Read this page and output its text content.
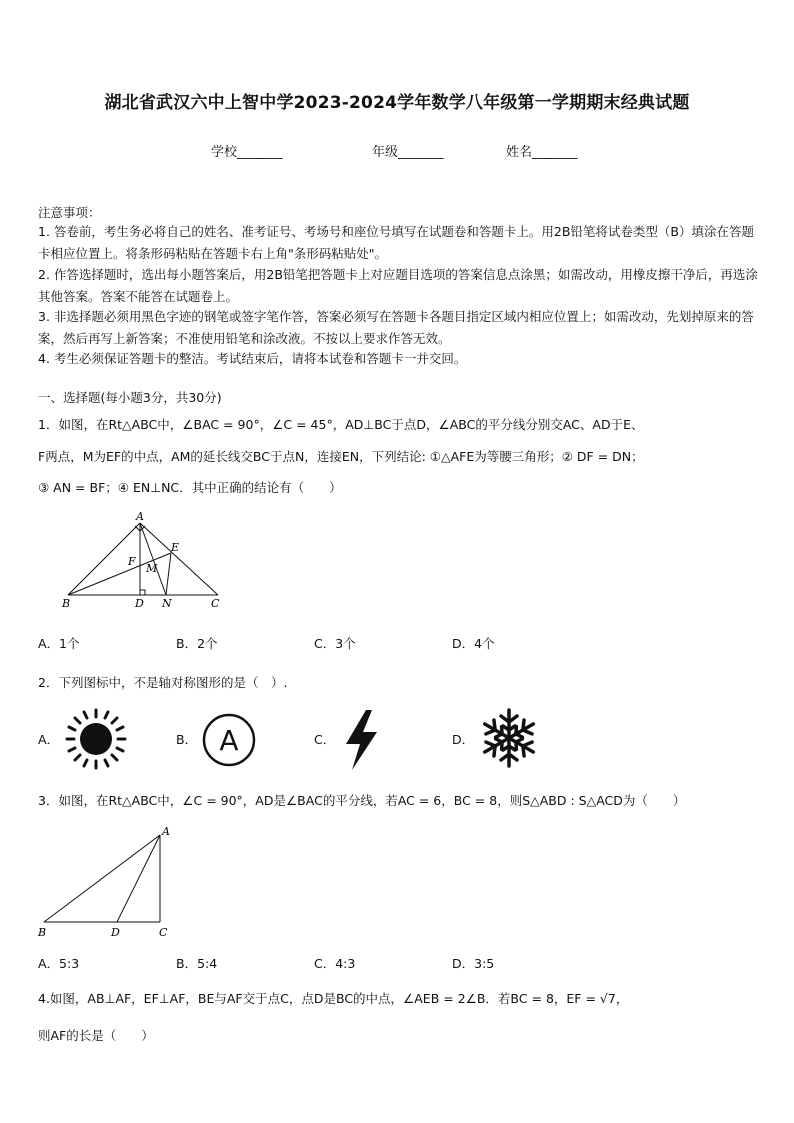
湖北省武汉六中上智中学2023-2024学年数学八年级第一学期期末经典试题
学校_______	年级_______	姓名_______
注意事项：
1. 答卷前，考生务必将自己的姓名、准考证号、考场号和座位号填写在试题卷和答题卡上。用2B铅笔将试卷类型（B）填涂在答题卡相应位置上。将条形码粘贴在答题卡右上角"条形码粘贴处"。
2. 作答选择题时，选出每小题答案后，用2B铅笔把答题卡上对应题目选项的答案信息点涂黑；如需改动，用橡皮擦干净后，再选涂其他答案。答案不能答在试题卷上。
3. 非选择题必须用黑色字迹的钢笔或签字笔作答，答案必须写在答题卡各题目指定区域内相应位置上；如需改动，先划掉原来的答案，然后再写上新答案；不准使用铅笔和涂改液。不按以上要求作答无效。
4. 考生必须保证答题卡的整洁。考试结束后，请将本试卷和答题卡一并交回。
一、选择题(每小题3分，共30分)
1．如图，在Rt△ABC中，∠BAC = 90°，∠C = 45°，AD⊥BC于点D，∠ABC的平分线分别交AC、AD于E、
F两点，M为EF的中点，AM的延长线交BC于点N，连接EN，下列结论: ①△AFE为等腰三角形；② DF = DN；
③ AN = BF；④ EN⊥NC．其中正确的结论有（　　）
A
B	C
D
E
F
M
N
A．1个	B．2个	C．3个	D．4个
2．下列图标中，不是轴对称图形的是（　）.
A．	B． A	C．	D．
3．如图，在Rt△ABC中，∠C = 90°，AD是∠BAC的平分线，若AC = 6，BC = 8，则S△ABD : S△ACD为（　　）
A
B	C
D
A．5:3	B．5:4	C．4:3	D．3:5
4.如图，AB⊥AF，EF⊥AF，BE与AF交于点C，点D是BC的中点，∠AEB = 2∠B．若BC = 8，EF = √7，
则AF的长是（　　）
